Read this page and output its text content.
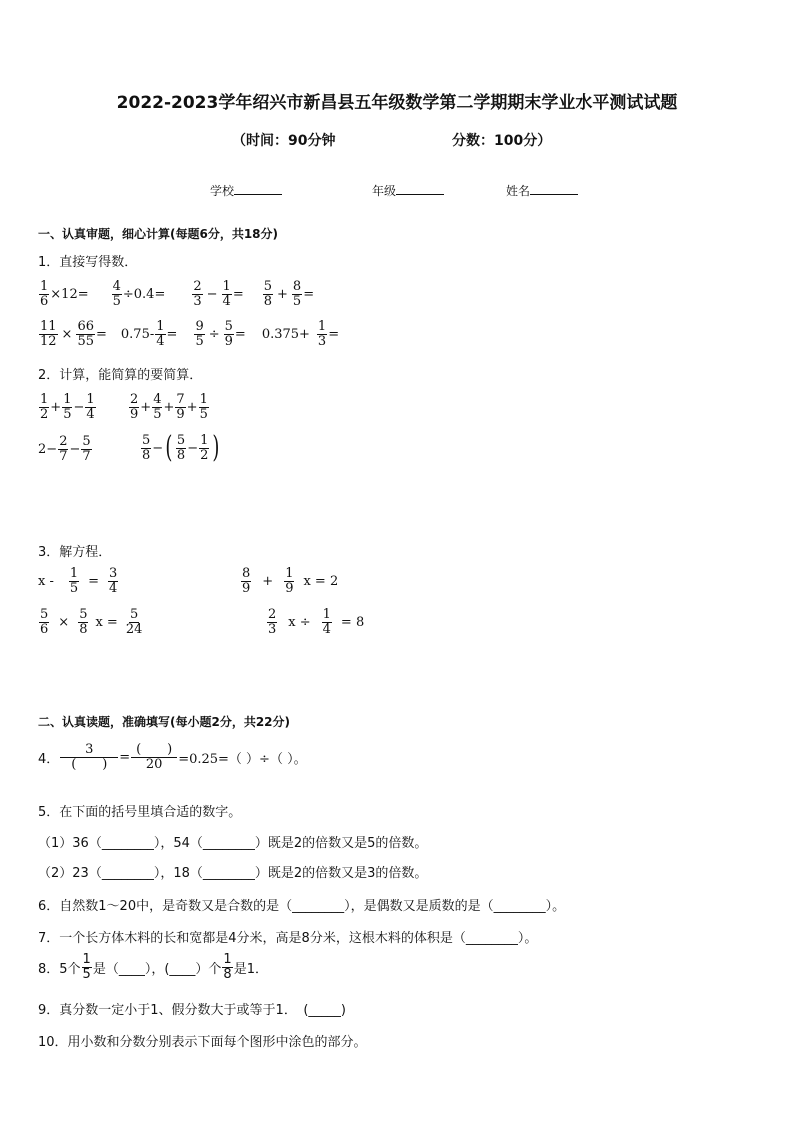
2022-2023学年绍兴市新昌县五年级数学第二学期期末学业水平测试试题
（时间：90分钟	分数：100分）
学校	年级	姓名
一、认真审题，细心计算(每题6分，共18分)
1．直接写得数．
$\frac{1}{6} \times 12= \frac{4}{5} \div 0.4= \frac{2}{3} - \frac{1}{4} = \frac{5}{8} + \frac{8}{5}$ =
$\frac{11}{12} \times \frac{66}{55} = 0.75- \frac{1}{4} = \frac{9}{5} \div \frac{5}{9} = 0.375+ \frac{1}{3}$ =
2．计算，能简算的要简算．
$\frac{1}{2} + \frac{1}{5} - \frac{1}{4}$	$\frac{2}{9} + \frac{4}{5} + \frac{7}{9} + \frac{1}{5}$
$2 - \frac{2}{7} - \frac{5}{7}$	$\frac{5}{8}$ − ( $\frac{5}{8} - \frac{1}{2}$ )
3．解方程．
$x - \frac{1}{5} = \frac{3}{4}$	$\frac{8}{9} + \frac{1}{9}$ x = 2
$\frac{5}{6} \times \frac{5}{8}$ $x = \frac{5}{24}$	$\frac{2}{3}$ $x \div \frac{1}{4} = 8$
二、认真读题，准确填写(每小题2分，共22分)
4． $\frac{3}{( )} = \frac{( )}{20} =0.25=$（ ）÷（ ）。
5．在下面的括号里填合适的数字。
（1）36（________），54（________）既是2的倍数又是5的倍数。
（2）23（________），18（________）既是2的倍数又是3的倍数。
6．自然数1～20中，是奇数又是合数的是（________），是偶数又是质数的是（________）。
7．一个长方体木料的长和宽都是4分米，高是8分米，这根木料的体积是（________）。
8．5个 $\frac{1}{5}$ 是（____），(____）个 $\frac{1}{8}$ 是1．
9．真分数一定小于1、假分数大于或等于1．　(_____)
10．用小数和分数分别表示下面每个图形中涂色的部分。
